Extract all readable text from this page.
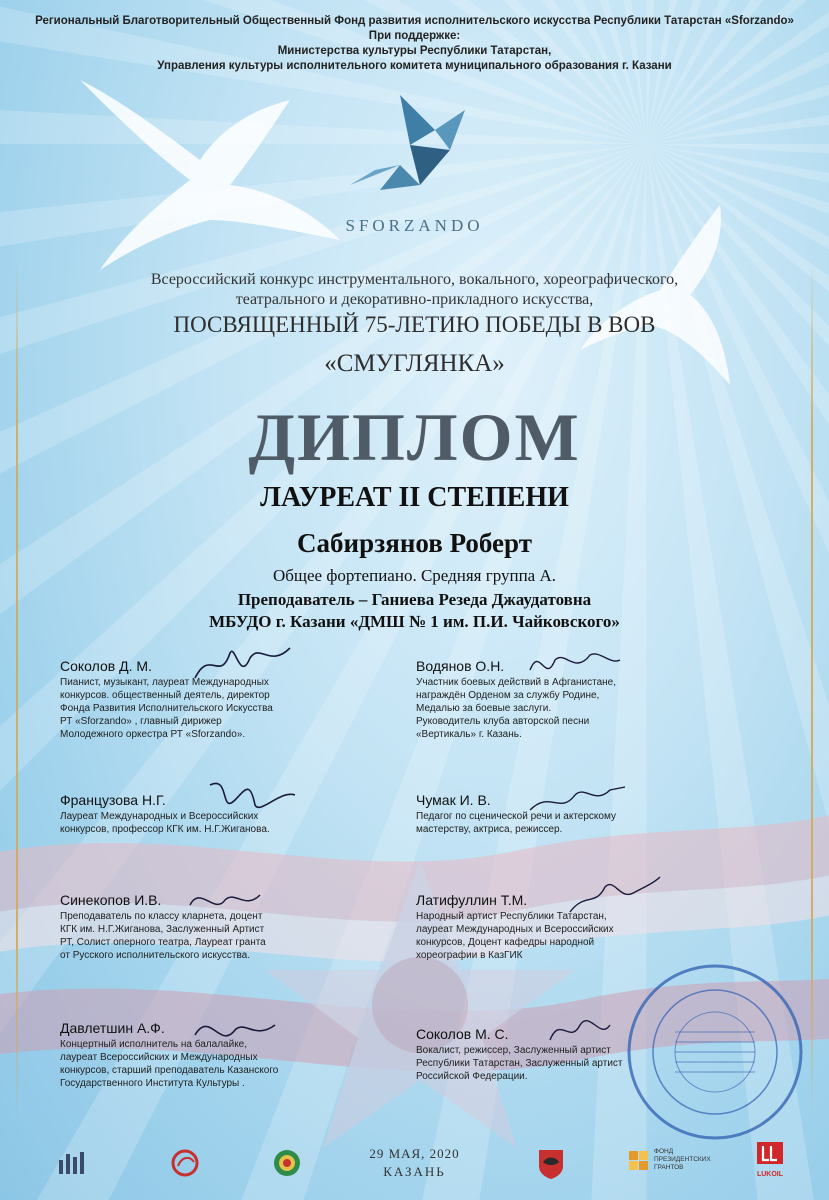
Региональный Благотворительный Общественный Фонд развития исполнительского искусства Республики Татарстан «Sforzando»
При поддержке:
Министерства культуры Республики Татарстан,
Управления культуры исполнительного комитета муниципального образования г. Казани
SFORZANDO
Всероссийский конкурс инструментального, вокального, хореографического,
театрального и декоративно-прикладного искусства,
ПОСВЯЩЕННЫЙ 75-ЛЕТИЮ ПОБЕДЫ В ВОВ
«СМУГЛЯНКА»
ДИПЛОМ
ЛАУРЕАТ II СТЕПЕНИ
Сабирзянов Роберт
Общее фортепиано. Средняя группа А.
Преподаватель – Ганиева Резеда Джаудатовна
МБУДО г. Казани «ДМШ № 1 им. П.И. Чайковского»
Соколов Д. М.
Пианист, музыкант, лауреат Международных
конкурсов. общественный деятель, директор
Фонда Развития Исполнительского Искусства
РТ «Sforzando» , главный дирижер
Молодежного оркестра РТ «Sforzando».
Водянов О.Н.
Участник боевых действий в Афганистане,
награждён Орденом за службу Родине,
Медалью за боевые заслуги.
Руководитель клуба авторской песни
«Вертикаль» г. Казань.
Французова Н.Г.
Лауреат Международных и Всероссийских
конкурсов, профессор КГК им. Н.Г.Жиганова.
Чумак И. В.
Педагог по сценической речи и актерскому
мастерству, актриса, режиссер.
Синекопов И.В.
Преподаватель по классу кларнета, доцент
КГК им. Н.Г.Жиганова, Заслуженный Артист
РТ, Солист оперного театра, Лауреат гранта
от Русского исполнительского искусства.
Латифуллин Т.М.
Народный артист Республики Татарстан,
лауреат Международных и Всероссийских
конкурсов, Доцент кафедры народной
хореографии в КазГИК
Давлетшин А.Ф.
Концертный исполнитель на балалайке,
лауреат Всероссийских и Международных
конкурсов, старший преподаватель Казанского
Государственного Института Культуры .
Соколов М. С.
Вокалист, режиссер, Заслуженный артист
Республики Татарстан, Заслуженный артист
Российской Федерации.
29 МАЯ, 2020
КАЗАНЬ
ФОНД
ПРЕЗИДЕНТСКИХ
ГРАНТОВ
LUKOIL
